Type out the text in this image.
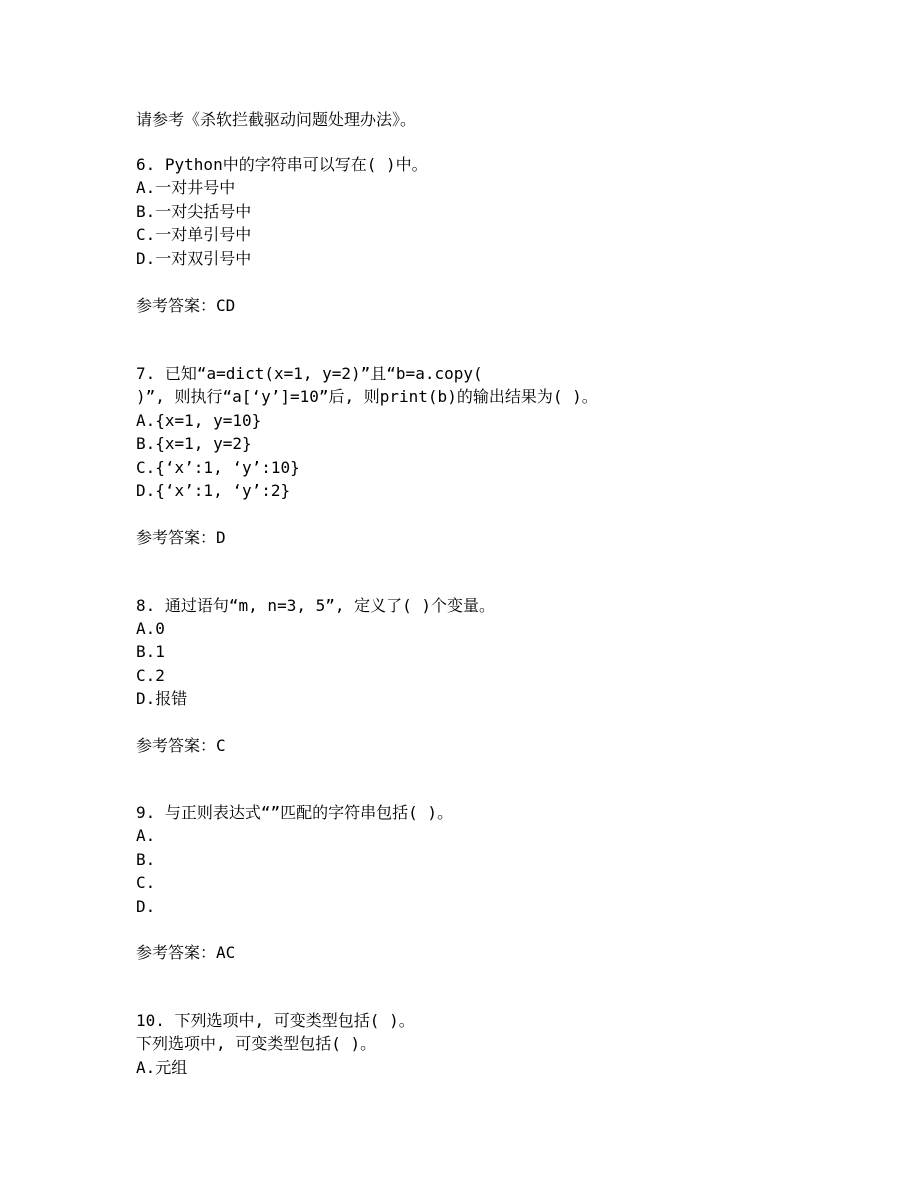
请参考《杀软拦截驱动问题处理办法》。
6. Python中的字符串可以写在( )中。
A.一对井号中
B.一对尖括号中
C.一对单引号中
D.一对双引号中
参考答案：CD
7. 已知“a=dict(x=1, y=2)”且“b=a.copy(
)”, 则执行“a[‘y’]=10”后, 则print(b)的输出结果为( )。
A.{x=1, y=10}
B.{x=1, y=2}
C.{‘x’:1, ‘y’:10}
D.{‘x’:1, ‘y’:2}
参考答案：D
8. 通过语句“m, n=3, 5”, 定义了( )个变量。
A.0
B.1
C.2
D.报错
参考答案：C
9. 与正则表达式“”匹配的字符串包括( )。
A.
B.
C.
D.
参考答案：AC
10. 下列选项中, 可变类型包括( )。
下列选项中, 可变类型包括( )。
A.元组
